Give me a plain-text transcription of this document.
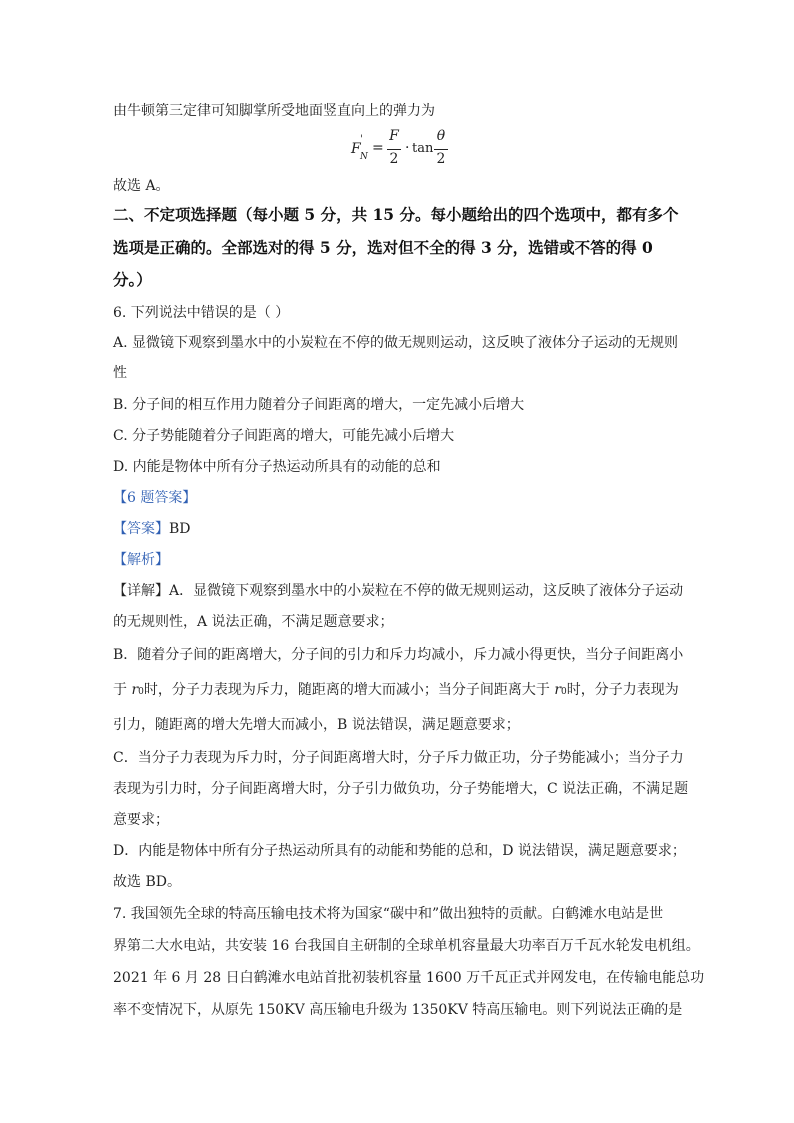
由牛顿第三定律可知脚掌所受地面竖直向上的弹力为
F
'
N
=
F
2
· tan
θ
2
故选 A。
二、不定项选择题（每小题 5 分，共 15 分。每小题给出的四个选项中，都有多个
选项是正确的。全部选对的得 5 分，选对但不全的得 3 分，选错或不答的得 0
分。）
6. 下列说法中错误的是（ ）
A. 显微镜下观察到墨水中的小炭粒在不停的做无规则运动，这反映了液体分子运动的无规则
性
B. 分子间的相互作用力随着分子间距离的增大，一定先减小后增大
C. 分子势能随着分子间距离的增大，可能先减小后增大
D. 内能是物体中所有分子热运动所具有的动能的总和
【6 题答案】
【答案】BD
【解析】
【详解】A．显微镜下观察到墨水中的小炭粒在不停的做无规则运动，这反映了液体分子运动
的无规则性，A 说法正确，不满足题意要求；
B．随着分子间的距离增大，分子间的引力和斥力均减小，斥力减小得更快，当分子间距离小
于 r0时，分子力表现为斥力，随距离的增大而减小；当分子间距离大于 r0时，分子力表现为
引力，随距离的增大先增大而减小，B 说法错误，满足题意要求；
C．当分子力表现为斥力时，分子间距离增大时，分子斥力做正功，分子势能减小；当分子力
表现为引力时，分子间距离增大时，分子引力做负功，分子势能增大，C 说法正确，不满足题
意要求；
D．内能是物体中所有分子热运动所具有的动能和势能的总和，D 说法错误，满足题意要求；
故选 BD。
7. 我国领先全球的特高压输电技术将为国家“碳中和”做出独特的贡献。白鹤滩水电站是世
界第二大水电站，共安装 16 台我国自主研制的全球单机容量最大功率百万千瓦水轮发电机组。
2021 年 6 月 28 日白鹤滩水电站首批初装机容量 1600 万千瓦正式并网发电，在传输电能总功
率不变情况下，从原先 150KV 高压输电升级为 1350KV 特高压输电。则下列说法正确的是
